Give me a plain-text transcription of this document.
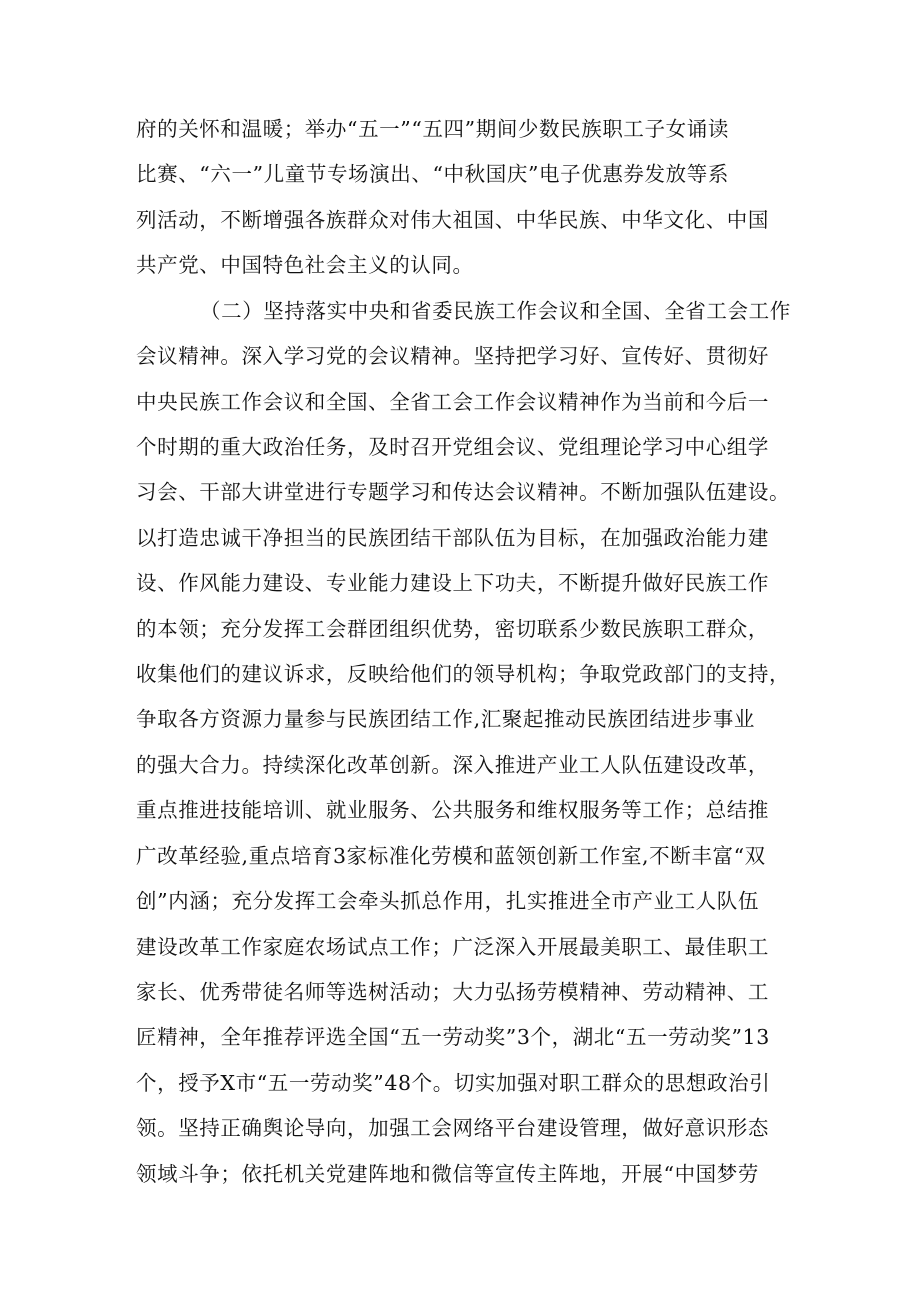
府的关怀和温暖；举办“五一”“五四”期间少数民族职工子女诵读
比赛、“六一”儿童节专场演出、“中秋国庆”电子优惠券发放等系
列活动，不断增强各族群众对伟大祖国、中华民族、中华文化、中国
共产党、中国特色社会主义的认同。
（二）坚持落实中央和省委民族工作会议和全国、全省工会工作
会议精神。深入学习党的会议精神。坚持把学习好、宣传好、贯彻好
中央民族工作会议和全国、全省工会工作会议精神作为当前和今后一
个时期的重大政治任务，及时召开党组会议、党组理论学习中心组学
习会、干部大讲堂进行专题学习和传达会议精神。不断加强队伍建设。
以打造忠诚干净担当的民族团结干部队伍为目标，在加强政治能力建
设、作风能力建设、专业能力建设上下功夫，不断提升做好民族工作
的本领；充分发挥工会群团组织优势，密切联系少数民族职工群众，
收集他们的建议诉求，反映给他们的领导机构；争取党政部门的支持，
争取各方资源力量参与民族团结工作,汇聚起推动民族团结进步事业
的强大合力。持续深化改革创新。深入推进产业工人队伍建设改革，
重点推进技能培训、就业服务、公共服务和维权服务等工作；总结推
广改革经验,重点培育3家标准化劳模和蓝领创新工作室,不断丰富“双
创”内涵；充分发挥工会牵头抓总作用，扎实推进全市产业工人队伍
建设改革工作家庭农场试点工作；广泛深入开展最美职工、最佳职工
家长、优秀带徒名师等选树活动；大力弘扬劳模精神、劳动精神、工
匠精神，全年推荐评选全国“五一劳动奖”3个，湖北“五一劳动奖”13
个，授予X市“五一劳动奖”48个。切实加强对职工群众的思想政治引
领。坚持正确舆论导向，加强工会网络平台建设管理，做好意识形态
领域斗争；依托机关党建阵地和微信等宣传主阵地，开展“中国梦劳
